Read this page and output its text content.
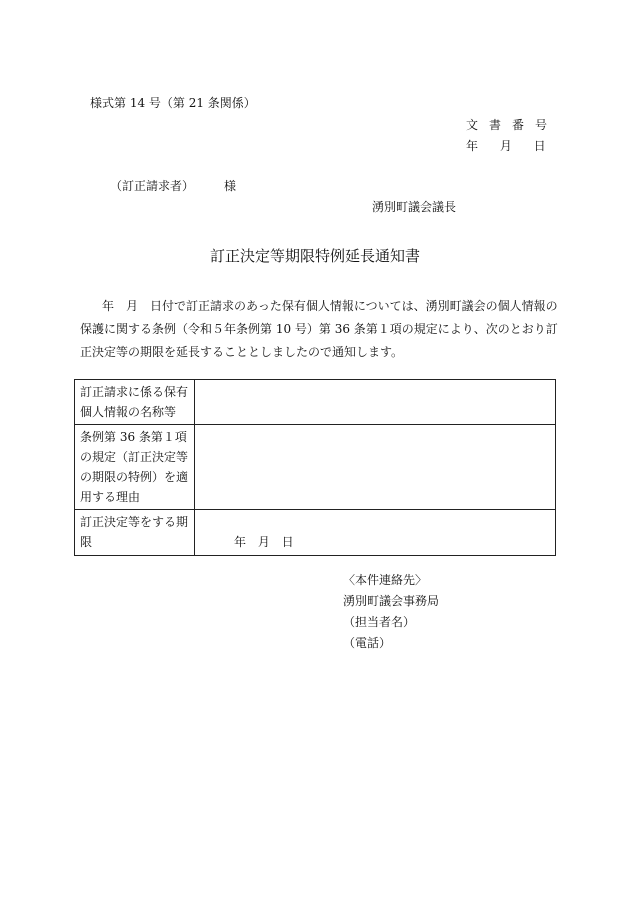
様式第 14 号（第 21 条関係）
文書番号
年 月 日
（訂正請求者）	様
湧別町議会議長
訂正決定等期限特例延長通知書

年　月　日付で訂正請求のあった保有個人情報については、湧別町議会の個人情報の保護に関する条例（令和５年条例第 10 号）第 36 条第１項の規定により、次のとおり訂正決定等の期限を延長することとしましたので通知します。

訂正請求に係る保有個人情報の名称等	
条例第 36 条第１項の規定（訂正決定等の期限の特例）を適用する理由	
訂正決定等をする期限	年 月 日
〈本件連絡先〉
湧別町議会事務局
（担当者名）
（電話）
